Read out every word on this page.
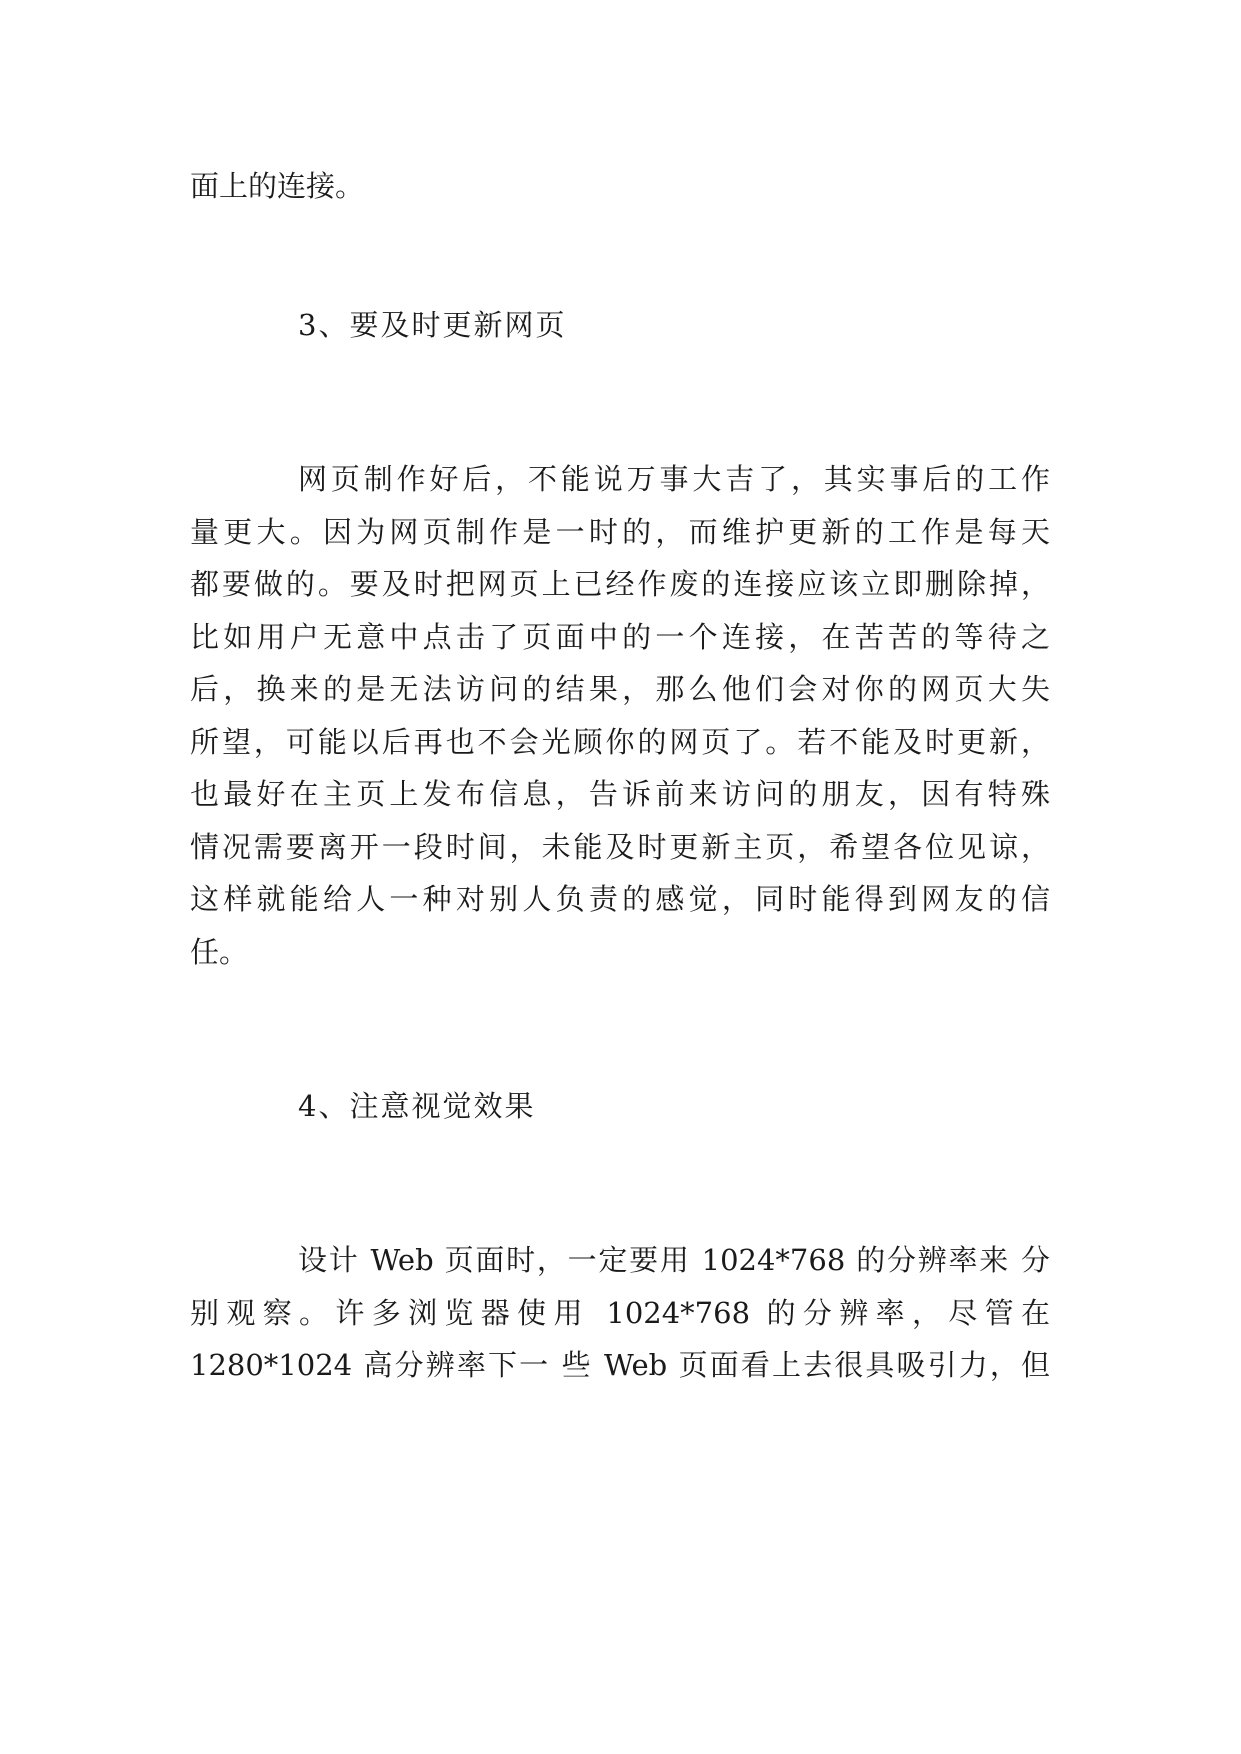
面上的连接。
3、要及时更新网页
网页制作好后，不能说万事大吉了，其实事后的工作
量更大。因为网页制作是一时的，而维护更新的工作是每天
都要做的。要及时把网页上已经作废的连接应该立即删除掉，
比如用户无意中点击了页面中的一个连接，在苦苦的等待之
后，换来的是无法访问的结果，那么他们会对你的网页大失
所望，可能以后再也不会光顾你的网页了。若不能及时更新，
也最好在主页上发布信息，告诉前来访问的朋友，因有特殊
情况需要离开一段时间，未能及时更新主页，希望各位见谅，
这样就能给人一种对别人负责的感觉，同时能得到网友的信
任。
4、注意视觉效果
设计 Web 页面时，一定要用 1024*768 的分辨率来 分
别观察。许多浏览器使用 1024*768 的分辨率，尽管在
1280*1024 高分辨率下一 些 Web 页面看上去很具吸引力，但
